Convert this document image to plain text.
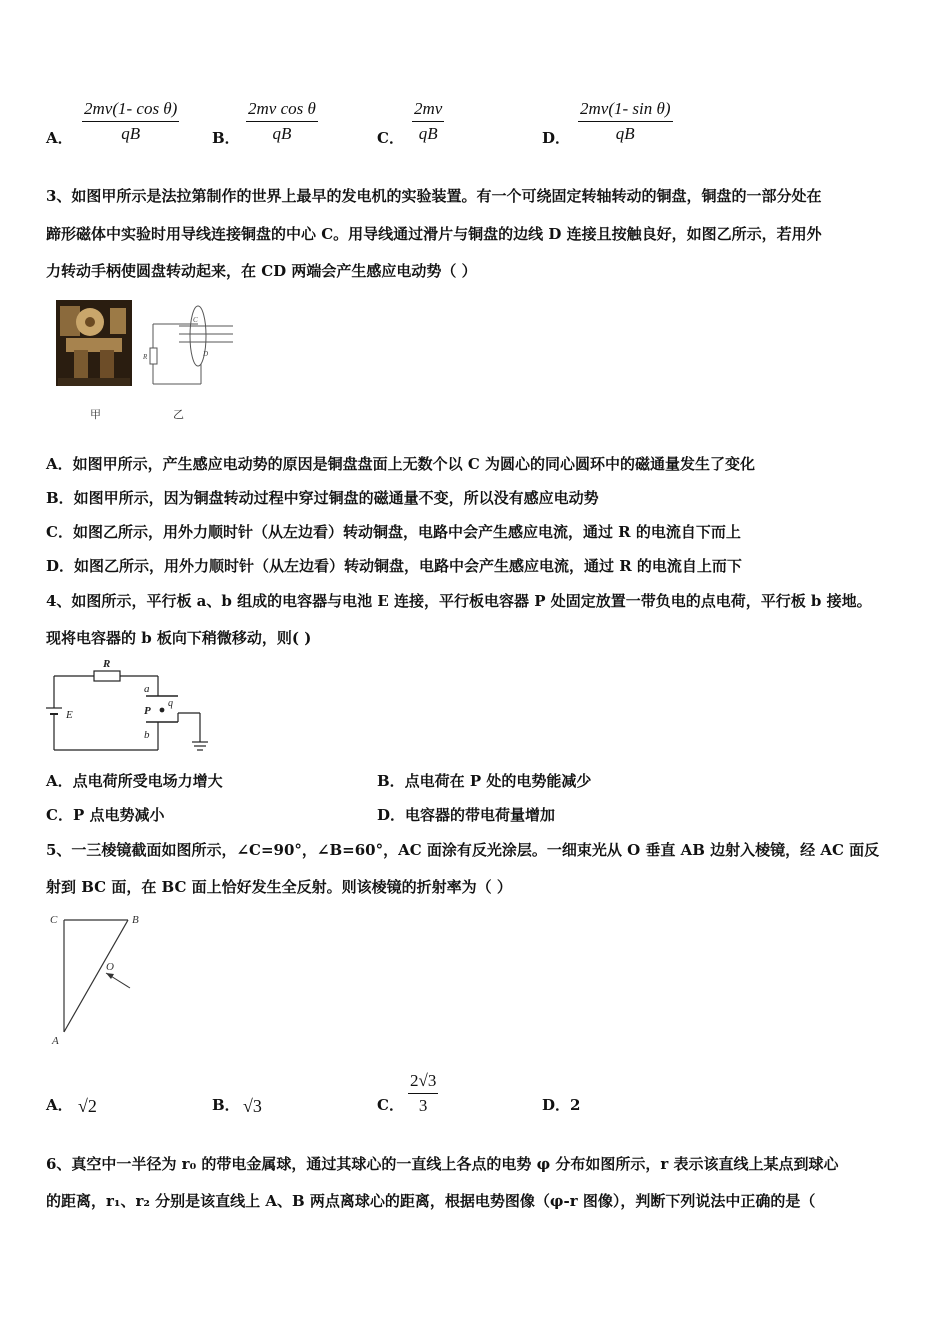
A．
2mv(1- cos θ)
qB	B．
2mv cos θ
qB	C．
2mv
qB	D．
2mv(1- sin θ)
qB
3、如图甲所示是法拉第制作的世界上最早的发电机的实验装置。有一个可绕固定转轴转动的铜盘，铜盘的一部分处在
蹄形磁体中实验时用导线连接铜盘的中心 C。用导线通过滑片与铜盘的边线 D 连接且按触良好，如图乙所示，若用外
力转动手柄使圆盘转动起来，在 CD 两端会产生感应电动势（ ）
C
D
R
甲	乙
A．如图甲所示，产生感应电动势的原因是铜盘盘面上无数个以 C 为圆心的同心圆环中的磁通量发生了变化
B．如图甲所示，因为铜盘转动过程中穿过铜盘的磁通量不变，所以没有感应电动势
C．如图乙所示，用外力顺时针（从左边看）转动铜盘，电路中会产生感应电流，通过 R 的电流自下而上
D．如图乙所示，用外力顺时针（从左边看）转动铜盘，电路中会产生感应电流，通过 R 的电流自上而下
4、如图所示，平行板 a、b 组成的电容器与电池 E 连接，平行板电容器 P 处固定放置一带负电的点电荷，平行板 b 接地。
现将电容器的 b 板向下稍微移动，则( )
R
a
E	P
q
b
A．点电荷所受电场力增大	B．点电荷在 P 处的电势能减少
C．P 点电势减小	D．电容器的带电荷量增加
5、一三棱镜截面如图所示，∠C=90°，∠B=60°，AC 面涂有反光涂层。一细束光从 O 垂直 AB 边射入棱镜，经 AC 面反
射到 BC 面，在 BC 面上恰好发生全反射。则该棱镜的折射率为（ ）
C	B
O
A
A． √2	B． √3	C．
2√3
3	D． 2
6、真空中一半径为 r₀ 的带电金属球，通过其球心的一直线上各点的电势 φ 分布如图所示，r 表示该直线上某点到球心
的距离，r₁、r₂ 分别是该直线上 A、B 两点离球心的距离，根据电势图像（φ-r 图像），判断下列说法中正确的是（
